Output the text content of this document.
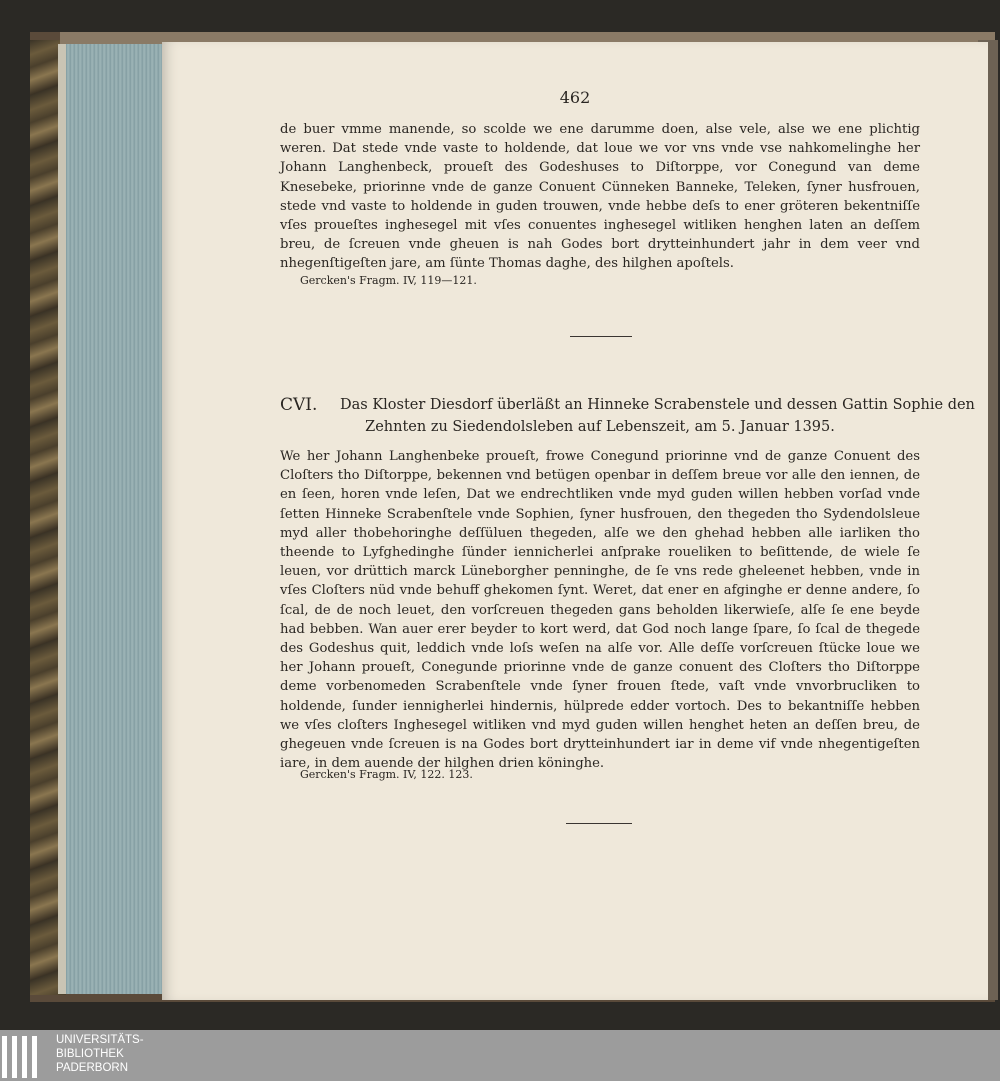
462

de buer vmme manende, so scolde we ene darumme doen, alse vele, alse we ene plichtig weren. Dat stede vnde vaste to holdende, dat loue we vor vns vnde vse nahkomelinghe her Johann Langhenbeck, proueſt des Godeshuses to Diſtorppe, vor Conegund van deme Knesebeke, priorinne vnde de ganze Conuent Cünneken Banneke, Teleken, ſyner husfrouen, stede vnd vaste to holdende in guden trouwen, vnde hebbe deſs to ener gröteren bekentniſſe vſes proueſtes inghesegel mit vſes conuentes inghesegel witliken henghen laten an deſſem breu, de ſcreuen vnde gheuen is nah Godes bort drytteinhundert jahr in dem veer vnd nhegenſtigeſten jare, am ſünte Thomas daghe, des hilghen apoſtels.

Gercken's Fragm. IV, 119—121.
CVI. Das Kloster Diesdorf überläßt an Hinneke Scrabenstele und dessen Gattin Sophie den
Zehnten zu Siedendolsleben auf Lebenszeit, am 5. Januar 1395.

We her Johann Langhenbeke proueſt, frowe Conegund priorinne vnd de ganze Conuent des Cloſters tho Diſtorppe, bekennen vnd betügen openbar in deſſem breue vor alle den iennen, de en ſeen, horen vnde leſen, Dat we endrechtliken vnde myd guden willen hebben vorſad vnde ſetten Hinneke Scrabenſtele vnde Sophien, ſyner husfrouen, den thegeden tho Sydendolsleue myd aller thobehoringhe deſſüluen thegeden, alſe we den ghehad hebben alle iarliken tho theende to Lyfghedinghe ſünder iennicherlei anſprake roueliken to beſittende, de wiele ſe leuen, vor drüttich marck Lüneborgher penninghe, de ſe vns rede gheleenet hebben, vnde in vſes Cloſters nüd vnde behuff ghekomen ſynt. Weret, dat ener en afginghe er denne andere, ſo ſcal, de de noch leuet, den vorſcreuen thegeden gans beholden likerwieſe, alſe ſe ene beyde had bebben. Wan auer erer beyder to kort werd, dat God noch lange ſpare, ſo ſcal de thegede des Godeshus quit, leddich vnde loſs weſen na alſe vor. Alle deſſe vorſcreuen ſtücke loue we her Johann proueſt, Conegunde priorinne vnde de ganze conuent des Cloſters tho Diſtorppe deme vorbenomeden Scrabenſtele vnde ſyner frouen ſtede, vaſt vnde vnvorbrucliken to holdende, ſunder iennigherlei hindernis, hülprede edder vortoch. Des to bekantniſſe hebben we vſes cloſters Inghesegel witliken vnd myd guden willen henghet heten an deſſen breu, de ghegeuen vnde ſcreuen is na Godes bort drytteinhundert iar in deme vif vnde nhegentigeſten iare, in dem auende der hilghen drien köninghe.

Gercken's Fragm. IV, 122. 123.
UNIVERSITÄTS-
BIBLIOTHEK
PADERBORN
